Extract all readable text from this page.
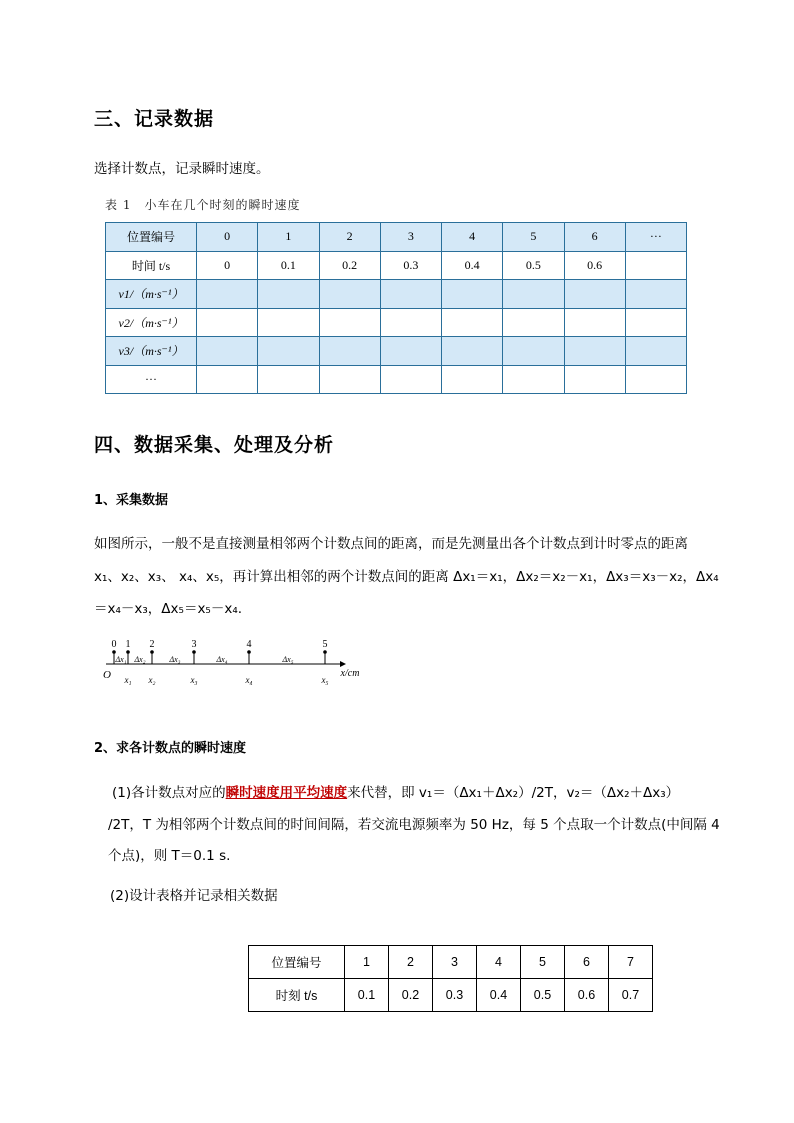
三、记录数据
选择计数点，记录瞬时速度。
表 1　小车在几个时刻的瞬时速度
位置编号	0	1	2	3	4	5	6	···
时间 t/s	0	0.1	0.2	0.3	0.4	0.5	0.6	
v1/（m·s⁻¹）								
v2/（m·s⁻¹）								
v3/（m·s⁻¹）								
···								
四、数据采集、处理及分析
1、采集数据
如图所示，一般不是直接测量相邻两个计数点间的距离，而是先测量出各个计数点到计时零点的距离
x₁、x₂、x₃、 x₄、x₅，再计算出相邻的两个计数点间的距离 Δx₁＝x₁，Δx₂＝x₂－x₁，Δx₃＝x₃－x₂，Δx₄
＝x₄－x₃，Δx₅＝x₅－x₄.
0 1 2	3	4	5
Δx₁ Δx₂	Δx₃	Δx₄	Δx₅
O x₁ x₂	x₃	x₄	x₅
x/cm
2、求各计数点的瞬时速度
(1)各计数点对应的瞬时速度用平均速度来代替，即 v₁＝（Δx₁＋Δx₂）/2T，v₂＝（Δx₂＋Δx₃）
/2T，T 为相邻两个计数点间的时间间隔，若交流电源频率为 50 Hz，每 5 个点取一个计数点(中间隔 4
个点)，则 T＝0.1 s.
(2)设计表格并记录相关数据
位置编号	1	2	3	4	5	6	7
时刻 t/s	0.1	0.2	0.3	0.4	0.5	0.6	0.7
